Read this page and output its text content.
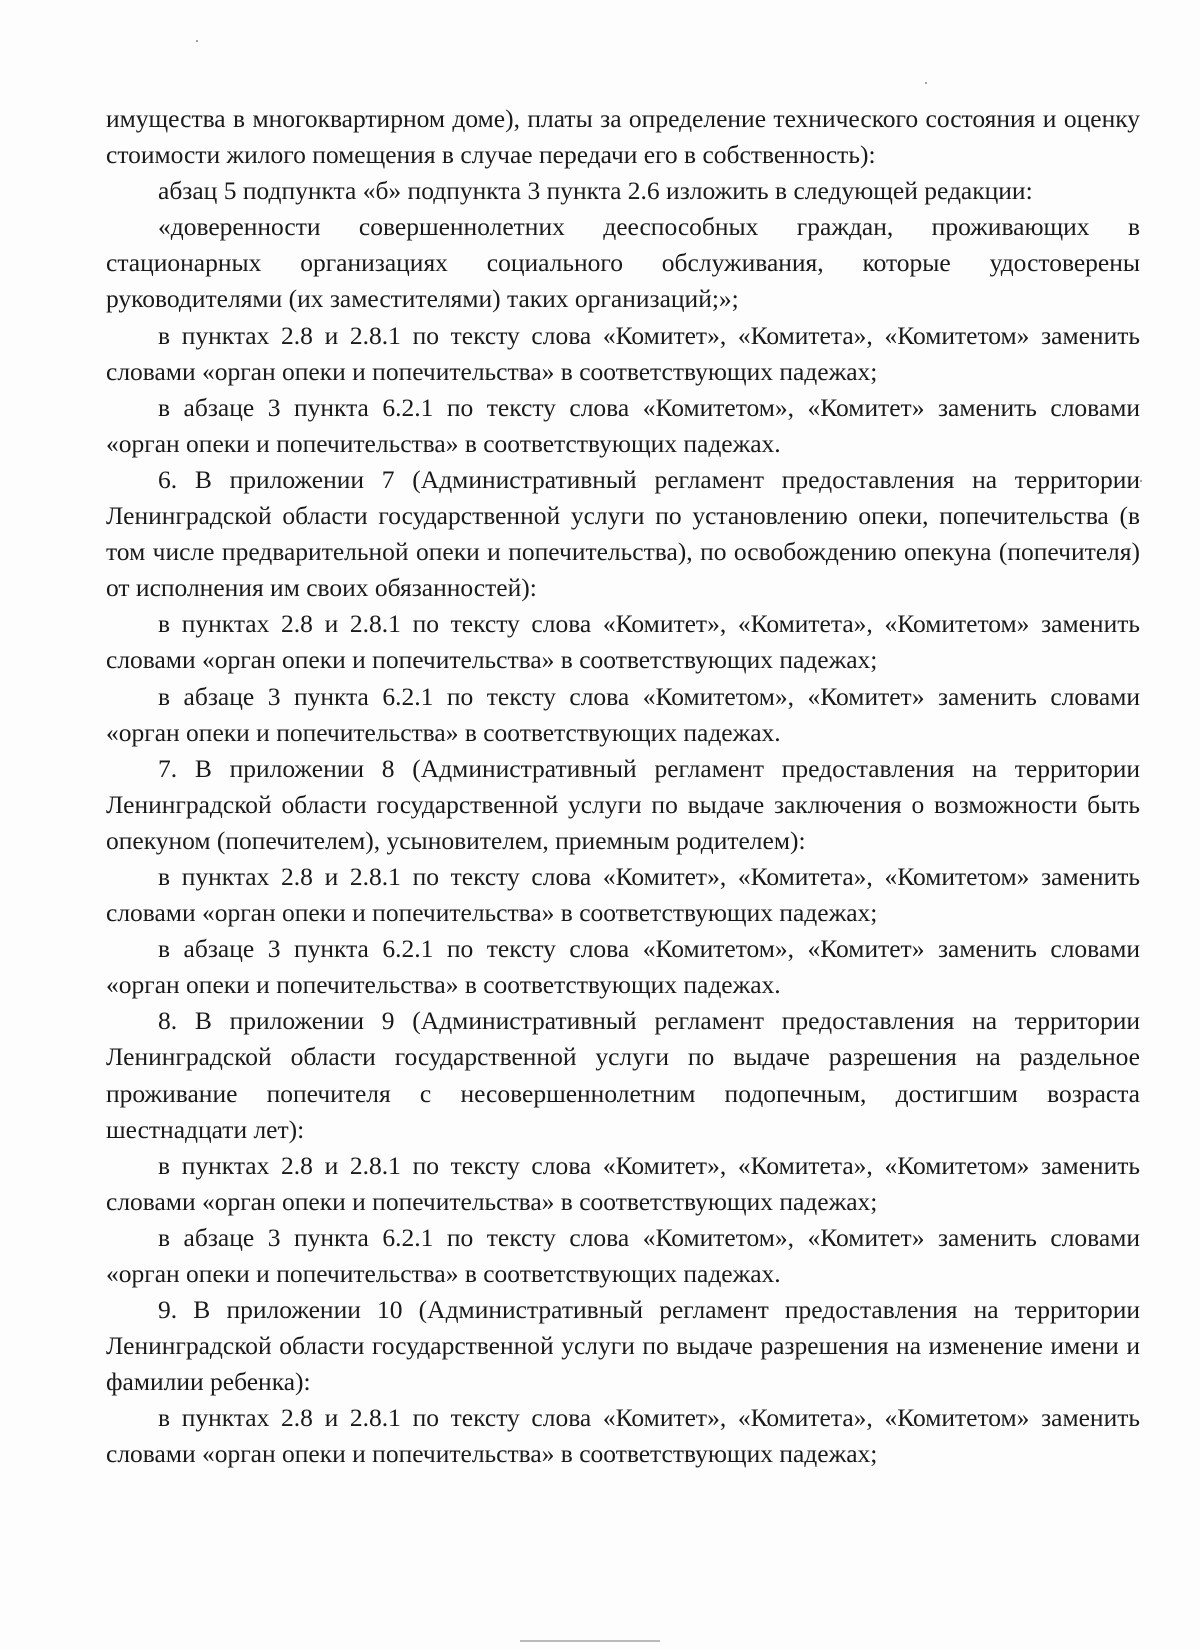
имущества в многоквартирном доме), платы за определение технического состояния и оценку стоимости жилого помещения в случае передачи его в собственность):

абзац 5 подпункта «б» подпункта 3 пункта 2.6 изложить в следующей редакции:

«доверенности совершеннолетних дееспособных граждан, проживающих в стационарных организациях социального обслуживания, которые удостоверены руководителями (их заместителями) таких организаций;»;

в пунктах 2.8 и 2.8.1 по тексту слова «Комитет», «Комитета», «Комитетом» заменить словами «орган опеки и попечительства» в соответствующих падежах;

в абзаце 3 пункта 6.2.1 по тексту слова «Комитетом», «Комитет» заменить словами «орган опеки и попечительства» в соответствующих падежах.

6. В приложении 7 (Административный регламент предоставления на территории Ленинградской области государственной услуги по установлению опеки, попечительства (в том числе предварительной опеки и попечительства), по освобождению опекуна (попечителя) от исполнения им своих обязанностей):

в пунктах 2.8 и 2.8.1 по тексту слова «Комитет», «Комитета», «Комитетом» заменить словами «орган опеки и попечительства» в соответствующих падежах;

в абзаце 3 пункта 6.2.1 по тексту слова «Комитетом», «Комитет» заменить словами «орган опеки и попечительства» в соответствующих падежах.

7. В приложении 8 (Административный регламент предоставления на территории Ленинградской области государственной услуги по выдаче заключения о возможности быть опекуном (попечителем), усыновителем, приемным родителем):

в пунктах 2.8 и 2.8.1 по тексту слова «Комитет», «Комитета», «Комитетом» заменить словами «орган опеки и попечительства» в соответствующих падежах;

в абзаце 3 пункта 6.2.1 по тексту слова «Комитетом», «Комитет» заменить словами «орган опеки и попечительства» в соответствующих падежах.

8. В приложении 9 (Административный регламент предоставления на территории Ленинградской области государственной услуги по выдаче разрешения на раздельное проживание попечителя с несовершеннолетним подопечным, достигшим возраста шестнадцати лет):

в пунктах 2.8 и 2.8.1 по тексту слова «Комитет», «Комитета», «Комитетом» заменить словами «орган опеки и попечительства» в соответствующих падежах;

в абзаце 3 пункта 6.2.1 по тексту слова «Комитетом», «Комитет» заменить словами «орган опеки и попечительства» в соответствующих падежах.

9. В приложении 10 (Административный регламент предоставления на территории Ленинградской области государственной услуги по выдаче разрешения на изменение имени и фамилии ребенка):

в пунктах 2.8 и 2.8.1 по тексту слова «Комитет», «Комитета», «Комитетом» заменить словами «орган опеки и попечительства» в соответствующих падежах;
